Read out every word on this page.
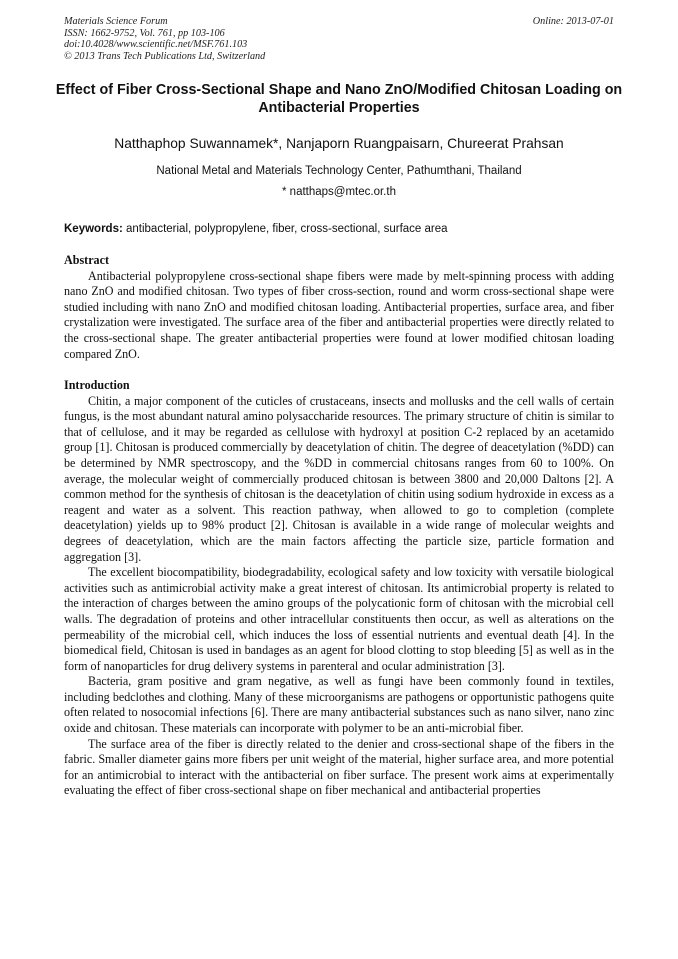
Materials Science Forum
ISSN: 1662-9752, Vol. 761, pp 103-106
doi:10.4028/www.scientific.net/MSF.761.103
© 2013 Trans Tech Publications Ltd, Switzerland
Online: 2013-07-01
Effect of Fiber Cross-Sectional Shape and Nano ZnO/Modified Chitosan Loading on Antibacterial Properties
Natthaphop Suwannamek*, Nanjaporn Ruangpaisarn, Chureerat Prahsan
National Metal and Materials Technology Center, Pathumthani, Thailand
* natthaps@mtec.or.th
Keywords: antibacterial, polypropylene, fiber, cross-sectional, surface area
Abstract

Antibacterial polypropylene cross-sectional shape fibers were made by melt-spinning process with adding nano ZnO and modified chitosan. Two types of fiber cross-section, round and worm cross-sectional shape were studied including with nano ZnO and modified chitosan loading. Antibacterial properties, surface area, and fiber crystalization were investigated. The surface area of the fiber and antibacterial properties were directly related to the cross-sectional shape. The greater antibacterial properties were found at lower modified chitosan loading compared ZnO.

Introduction

Chitin, a major component of the cuticles of crustaceans, insects and mollusks and the cell walls of certain fungus, is the most abundant natural amino polysaccharide resources. The primary structure of chitin is similar to that of cellulose, and it may be regarded as cellulose with hydroxyl at position C-2 replaced by an acetamido group [1]. Chitosan is produced commercially by deacetylation of chitin. The degree of deacetylation (%DD) can be determined by NMR spectroscopy, and the %DD in commercial chitosans ranges from 60 to 100%. On average, the molecular weight of commercially produced chitosan is between 3800 and 20,000 Daltons [2]. A common method for the synthesis of chitosan is the deacetylation of chitin using sodium hydroxide in excess as a reagent and water as a solvent. This reaction pathway, when allowed to go to completion (complete deacetylation) yields up to 98% product [2]. Chitosan is available in a wide range of molecular weights and degrees of deacetylation, which are the main factors affecting the particle size, particle formation and aggregation [3].

The excellent biocompatibility, biodegradability, ecological safety and low toxicity with versatile biological activities such as antimicrobial activity make a great interest of chitosan. Its antimicrobial property is related to the interaction of charges between the amino groups of the polycationic form of chitosan with the microbial cell walls. The degradation of proteins and other intracellular constituents then occur, as well as alterations on the permeability of the microbial cell, which induces the loss of essential nutrients and eventual death [4]. In the biomedical field, Chitosan is used in bandages as an agent for blood clotting to stop bleeding [5] as well as in the form of nanoparticles for drug delivery systems in parenteral and ocular administration [3].

Bacteria, gram positive and gram negative, as well as fungi have been commonly found in textiles, including bedclothes and clothing. Many of these microorganisms are pathogens or opportunistic pathogens quite often related to nosocomial infections [6]. There are many antibacterial substances such as nano silver, nano zinc oxide and chitosan. These materials can incorporate with polymer to be an anti-microbial fiber.

The surface area of the fiber is directly related to the denier and cross-sectional shape of the fibers in the fabric. Smaller diameter gains more fibers per unit weight of the material, higher surface area, and more potential for an antimicrobial to interact with the antibacterial on fiber surface. The present work aims at experimentally evaluating the effect of fiber cross-sectional shape on fiber mechanical and antibacterial properties
